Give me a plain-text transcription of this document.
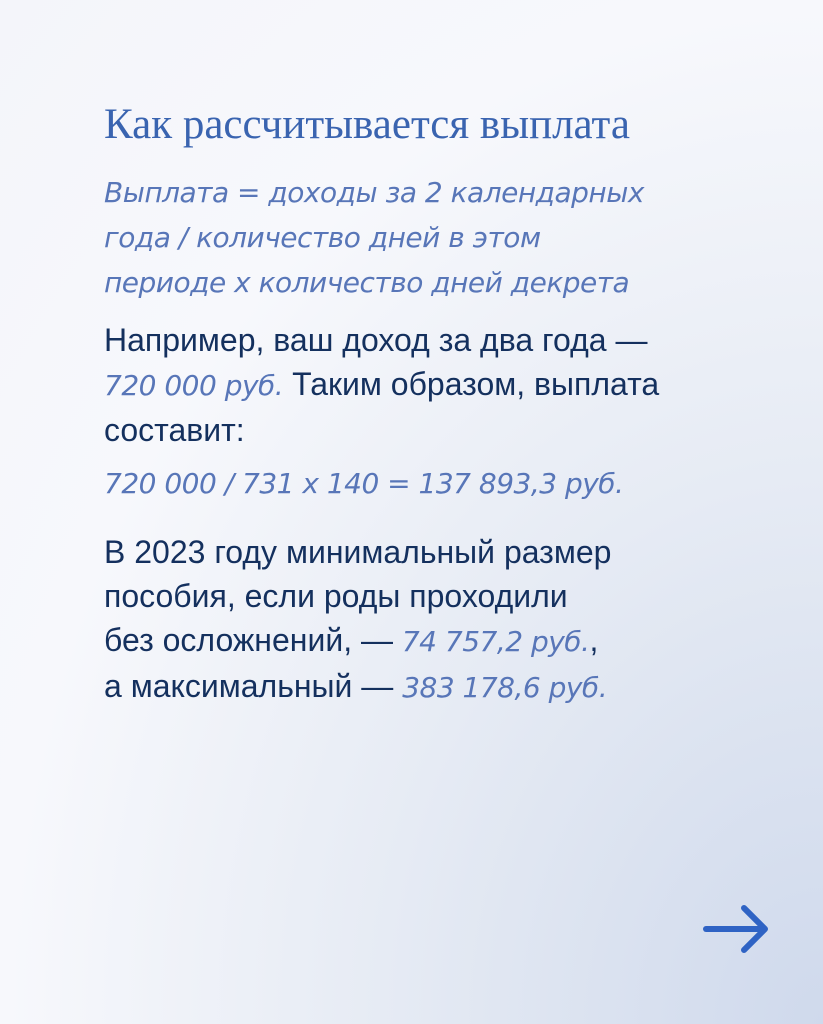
Как рассчитывается выплата

Выплата = доходы за 2 календарных
года / количество дней в этом
периоде х количество дней декрета

Например, ваш доход за два года —
720 000 руб. Таким образом, выплата
составит:

720 000 / 731 х 140 = 137 893,3 руб.

В 2023 году минимальный размер
пособия, если роды проходили
без осложнений, — 74 757,2 руб.,
а максимальный — 383 178,6 руб.
